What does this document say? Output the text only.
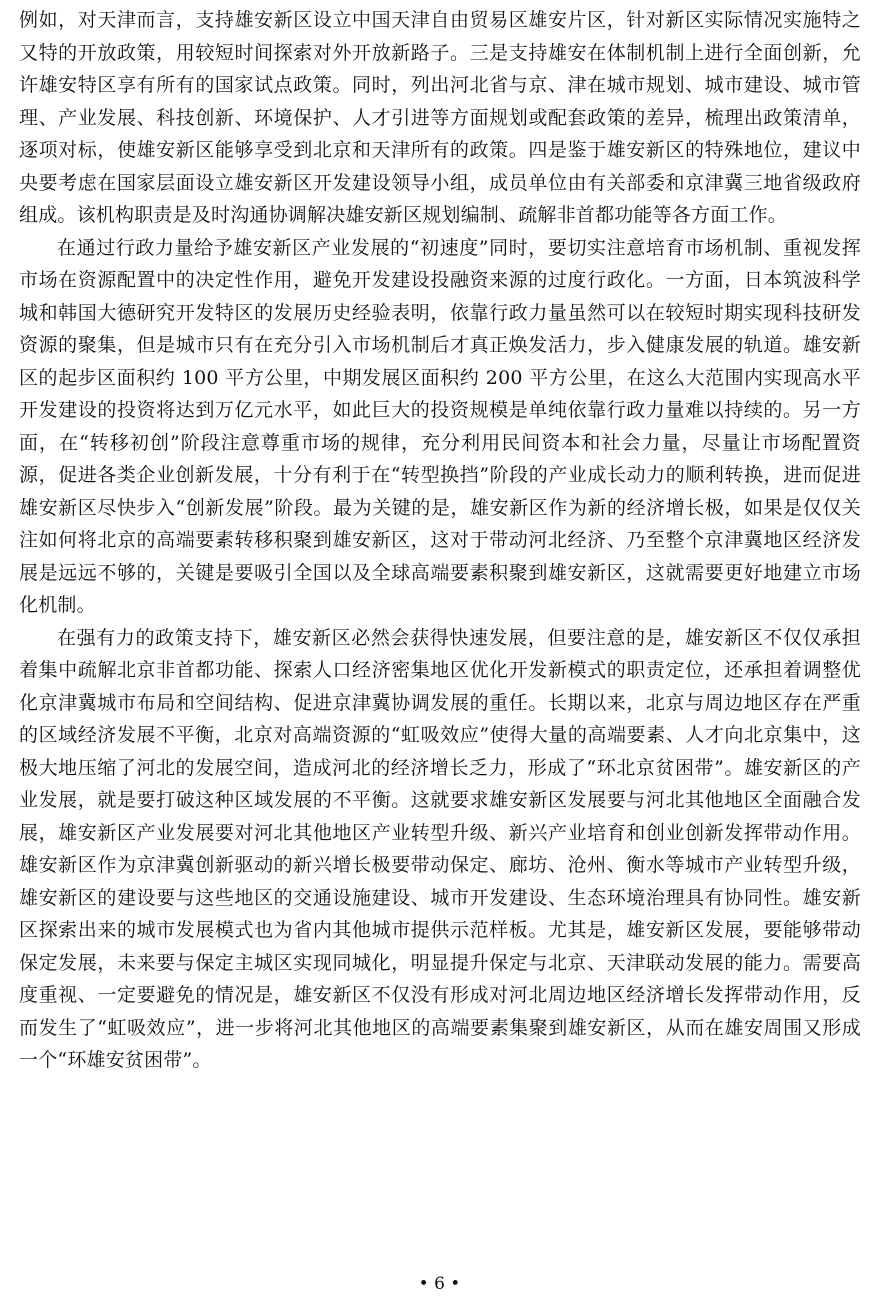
例如，对天津而言，支持雄安新区设立中国天津自由贸易区雄安片区，针对新区实际情况实施特之又特的开放政策，用较短时间探索对外开放新路子。三是支持雄安在体制机制上进行全面创新，允许雄安特区享有所有的国家试点政策。同时，列出河北省与京、津在城市规划、城市建设、城市管理、产业发展、科技创新、环境保护、人才引进等方面规划或配套政策的差异，梳理出政策清单，逐项对标，使雄安新区能够享受到北京和天津所有的政策。四是鉴于雄安新区的特殊地位，建议中央要考虑在国家层面设立雄安新区开发建设领导小组，成员单位由有关部委和京津冀三地省级政府组成。该机构职责是及时沟通协调解决雄安新区规划编制、疏解非首都功能等各方面工作。

在通过行政力量给予雄安新区产业发展的“初速度”同时，要切实注意培育市场机制、重视发挥市场在资源配置中的决定性作用，避免开发建设投融资来源的过度行政化。一方面，日本筑波科学城和韩国大德研究开发特区的发展历史经验表明，依靠行政力量虽然可以在较短时期实现科技研发资源的聚集，但是城市只有在充分引入市场机制后才真正焕发活力，步入健康发展的轨道。雄安新区的起步区面积约 100 平方公里，中期发展区面积约 200 平方公里，在这么大范围内实现高水平开发建设的投资将达到万亿元水平，如此巨大的投资规模是单纯依靠行政力量难以持续的。另一方面，在“转移初创”阶段注意尊重市场的规律，充分利用民间资本和社会力量，尽量让市场配置资源，促进各类企业创新发展，十分有利于在“转型换挡”阶段的产业成长动力的顺利转换，进而促进雄安新区尽快步入“创新发展”阶段。最为关键的是，雄安新区作为新的经济增长极，如果是仅仅关注如何将北京的高端要素转移积聚到雄安新区，这对于带动河北经济、乃至整个京津冀地区经济发展是远远不够的，关键是要吸引全国以及全球高端要素积聚到雄安新区，这就需要更好地建立市场化机制。

在强有力的政策支持下，雄安新区必然会获得快速发展，但要注意的是，雄安新区不仅仅承担着集中疏解北京非首都功能、探索人口经济密集地区优化开发新模式的职责定位，还承担着调整优化京津冀城市布局和空间结构、促进京津冀协调发展的重任。长期以来，北京与周边地区存在严重的区域经济发展不平衡，北京对高端资源的“虹吸效应”使得大量的高端要素、人才向北京集中，这极大地压缩了河北的发展空间，造成河北的经济增长乏力，形成了“环北京贫困带”。雄安新区的产业发展，就是要打破这种区域发展的不平衡。这就要求雄安新区发展要与河北其他地区全面融合发展，雄安新区产业发展要对河北其他地区产业转型升级、新兴产业培育和创业创新发挥带动作用。雄安新区作为京津冀创新驱动的新兴增长极要带动保定、廊坊、沧州、衡水等城市产业转型升级，雄安新区的建设要与这些地区的交通设施建设、城市开发建设、生态环境治理具有协同性。雄安新区探索出来的城市发展模式也为省内其他城市提供示范样板。尤其是，雄安新区发展，要能够带动保定发展，未来要与保定主城区实现同城化，明显提升保定与北京、天津联动发展的能力。需要高度重视、一定要避免的情况是，雄安新区不仅没有形成对河北周边地区经济增长发挥带动作用，反而发生了“虹吸效应”，进一步将河北其他地区的高端要素集聚到雄安新区，从而在雄安周围又形成一个“环雄安贫困带”。

• 6 •
